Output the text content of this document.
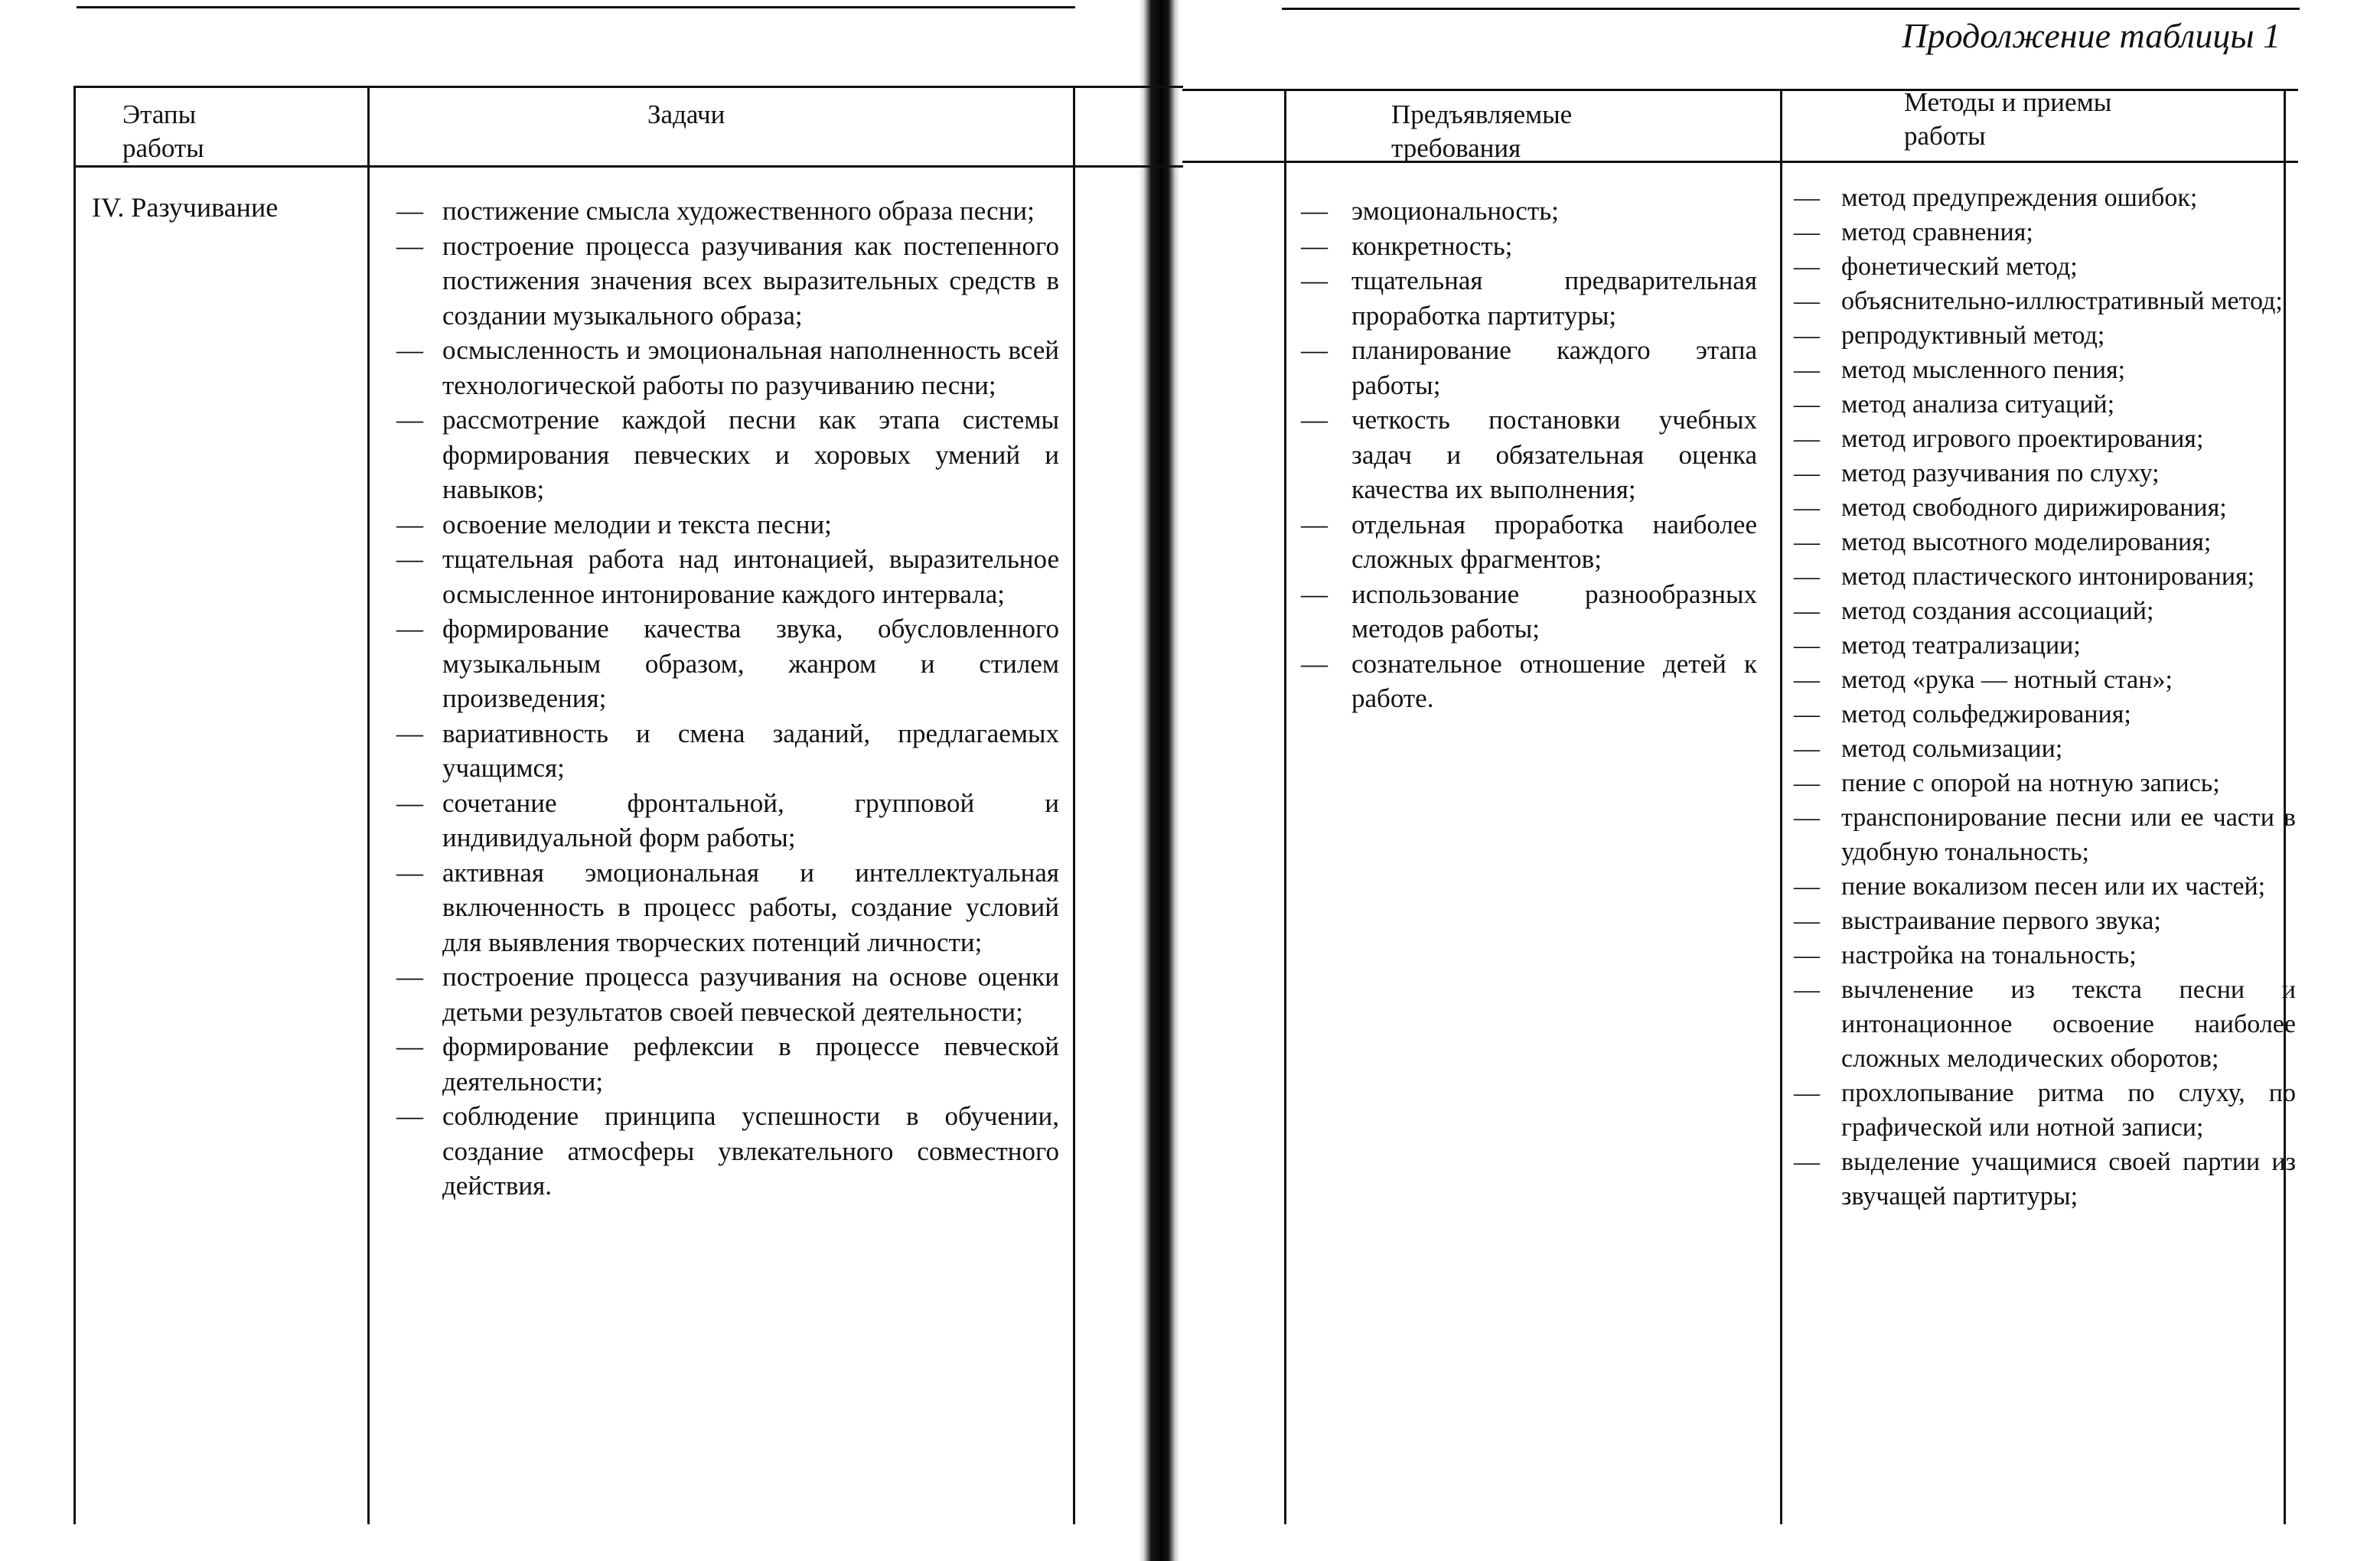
Продолжение таблицы 1
Этапы работы
Задачи	Предъявляемые требования
Методы и приемы работы
IV. Разучивание
—	постижение смысла художественного образа песни;
— построение процесса разучивания как постепенного постижения значения всех выразительных средств в создании музыкального образа;
— осмысленность и эмоциональная наполненность всей технологической работы по разучиванию песни;
— рассмотрение каждой песни как этапа системы формирования певческих и хоровых умений и навыков;
— освоение мелодии и текста песни;
— тщательная работа над интонацией, выразительное осмысленное интонирование каждого интервала;
— формирование качества звука, обусловленного музыкальным образом, жанром и стилем произведения;
— вариативность и смена заданий, предлагаемых учащимся;
— сочетание фронтальной, групповой и индивидуальной форм работы;
— активная эмоциональная и интеллектуальная включенность в процесс работы, создание условий для выявления творческих потенций личности;
— построение процесса разучивания на основе оценки детьми результатов своей певческой деятельности;
— формирование рефлексии в процессе певческой деятельности;
— соблюдение принципа успешности в обучении, создание атмосферы увлекательного совместного действия.
— эмоциональность;
— конкретность;
— тщательная предварительная проработка партитуры;
— планирование каждого этапа работы;
— четкость постановки учебных задач и обязательная оценка качества их выполнения;
— отдельная проработка наиболее сложных фрагментов;
— использование разнообразных методов работы;
— сознательное отношение детей к работе.
— метод предупреждения ошибок;
— метод сравнения;
— фонетический метод;
— объяснительно-иллюстративный метод;
— репродуктивный метод;
— метод мысленного пения;
— метод анализа ситуаций;
— метод игрового проектирования;
— метод разучивания по слуху;
— метод свободного дирижирования;
— метод высотного моделирования;
— метод пластического интонирования;
— метод создания ассоциаций;
— метод театрализации;
— метод «рука — нотный стан»;
— метод сольфеджирования;
— метод сольмизации;
— пение с опорой на нотную запись;
— транспонирование песни или ее части в удобную тональность;
— пение вокализом песен или их частей;
— выстраивание первого звука;
— настройка на тональность;
— вычленение из текста песни и интонационное освоение наиболее сложных мелодических оборотов;
— прохлопывание ритма по слуху, по графической или нотной записи;
— выделение учащимися своей партии из звучащей партитуры;
